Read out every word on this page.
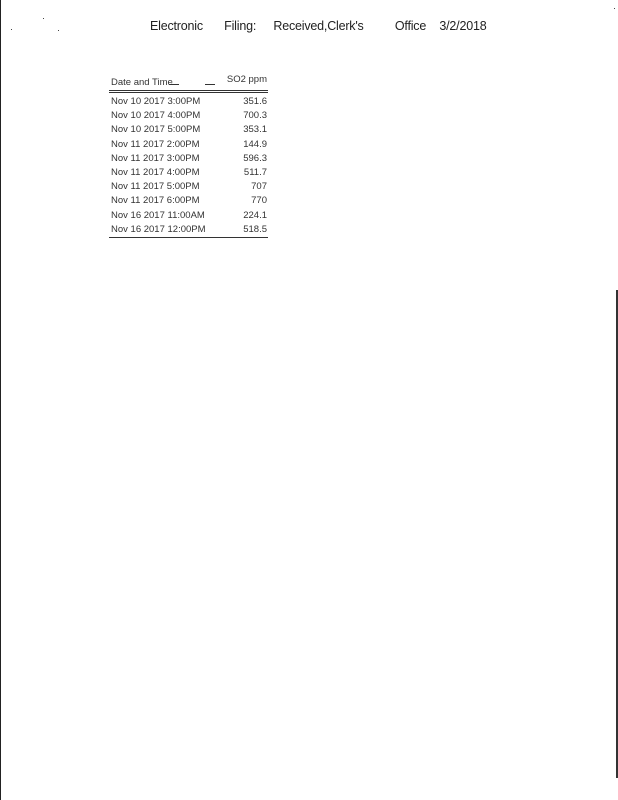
Electronic Filing: Received,Clerk's	Office 3/2/2018
Date and Time	SO2 ppm
Nov 10 2017 3:00PM	351.6
Nov 10 2017 4:00PM	700.3
Nov 10 2017 5:00PM	353.1
Nov 11 2017 2:00PM	144.9
Nov 11 2017 3:00PM	596.3
Nov 11 2017 4:00PM	511.7
Nov 11 2017 5:00PM	707
Nov 11 2017 6:00PM	770
Nov 16 2017 11:00AM	224.1
Nov 16 2017 12:00PM	518.5
